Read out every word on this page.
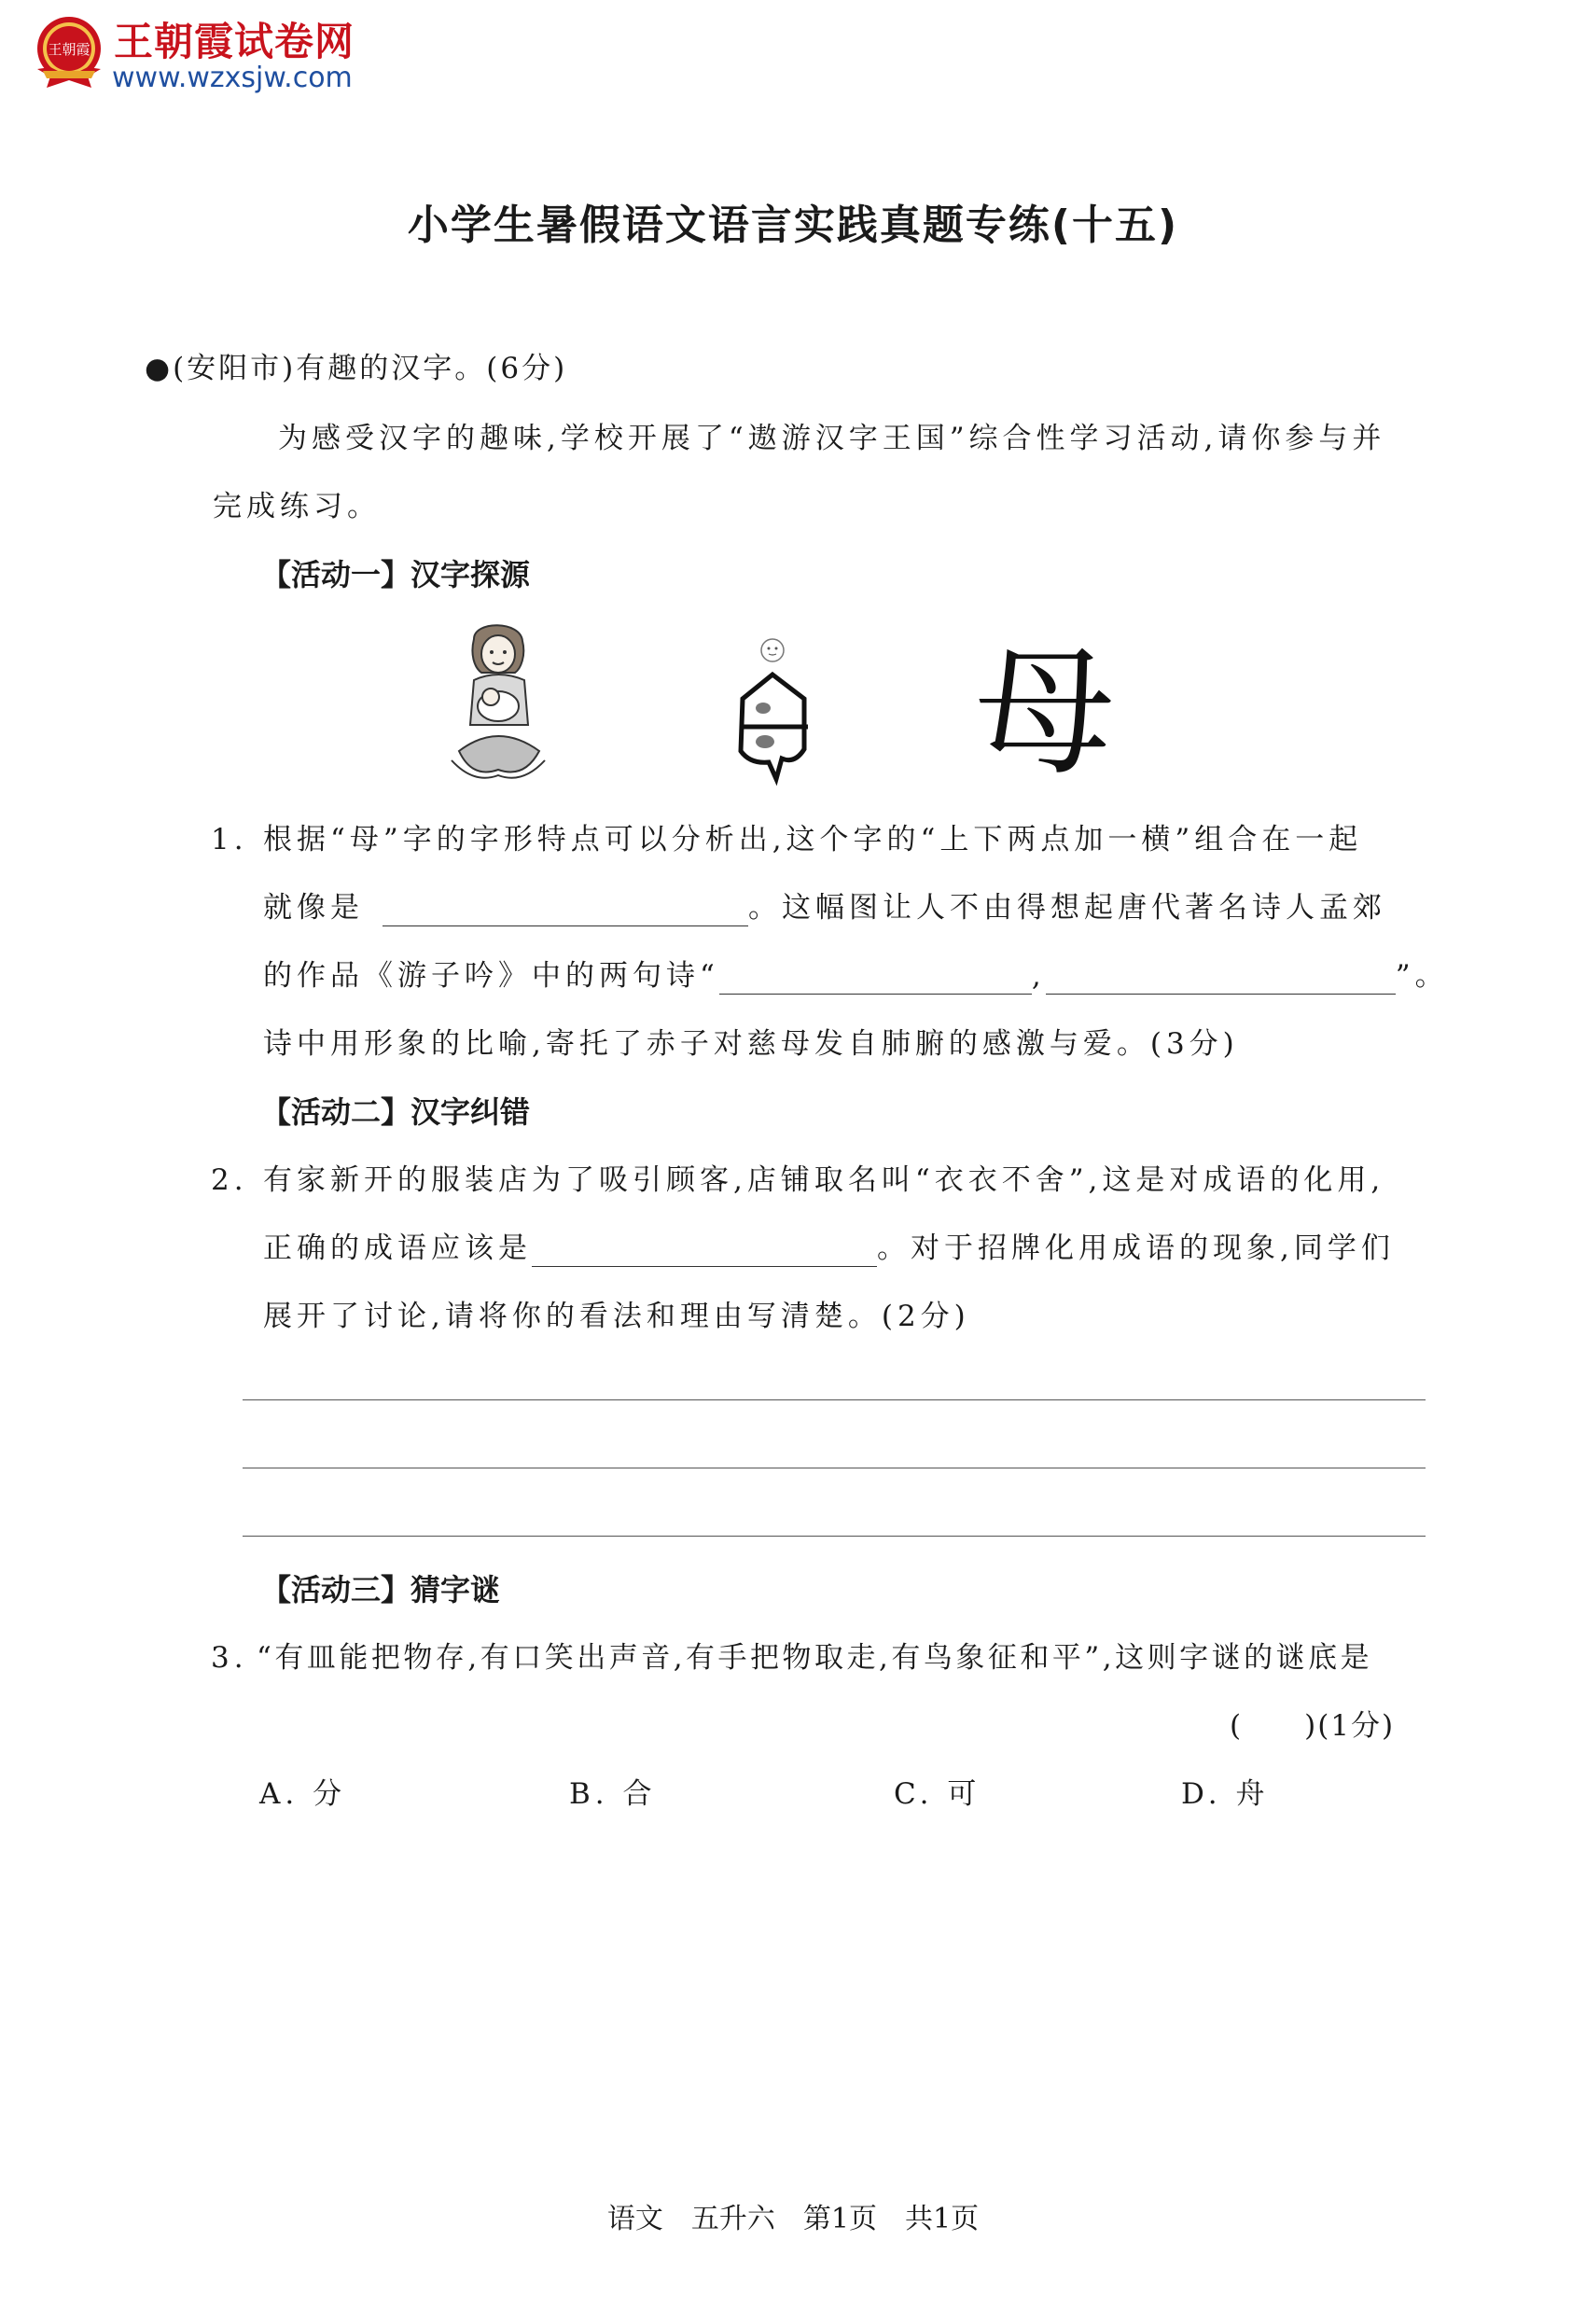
王朝霞 王朝霞试卷网
www.wzxsjw.com
小学生暑假语文语言实践真题专练(十五)
●(安阳市)有趣的汉字。(6分)
为感受汉字的趣味,学校开展了“遨游汉字王国”综合性学习活动,请你参与并
完成练习。
【活动一】汉字探源
母
1. 根据“母”字的字形特点可以分析出,这个字的“上下两点加一横”组合在一起
就像是	。这幅图让人不由得想起唐代著名诗人孟郊
的作品《游子吟》中的两句诗“	,	”。
诗中用形象的比喻,寄托了赤子对慈母发自肺腑的感激与爱。(3分)
【活动二】汉字纠错
2. 有家新开的服装店为了吸引顾客,店铺取名叫“衣衣不舍”,这是对成语的化用,
正确的成语应该是	。对于招牌化用成语的现象,同学们
展开了讨论,请将你的看法和理由写清楚。(2分)
【活动三】猜字谜
3. “有皿能把物存,有口笑出声音,有手把物取走,有鸟象征和平”,这则字谜的谜底是
(　　)(1分)
A. 分	B. 合	C. 可	D. 舟
语文　五升六　第1页　共1页
